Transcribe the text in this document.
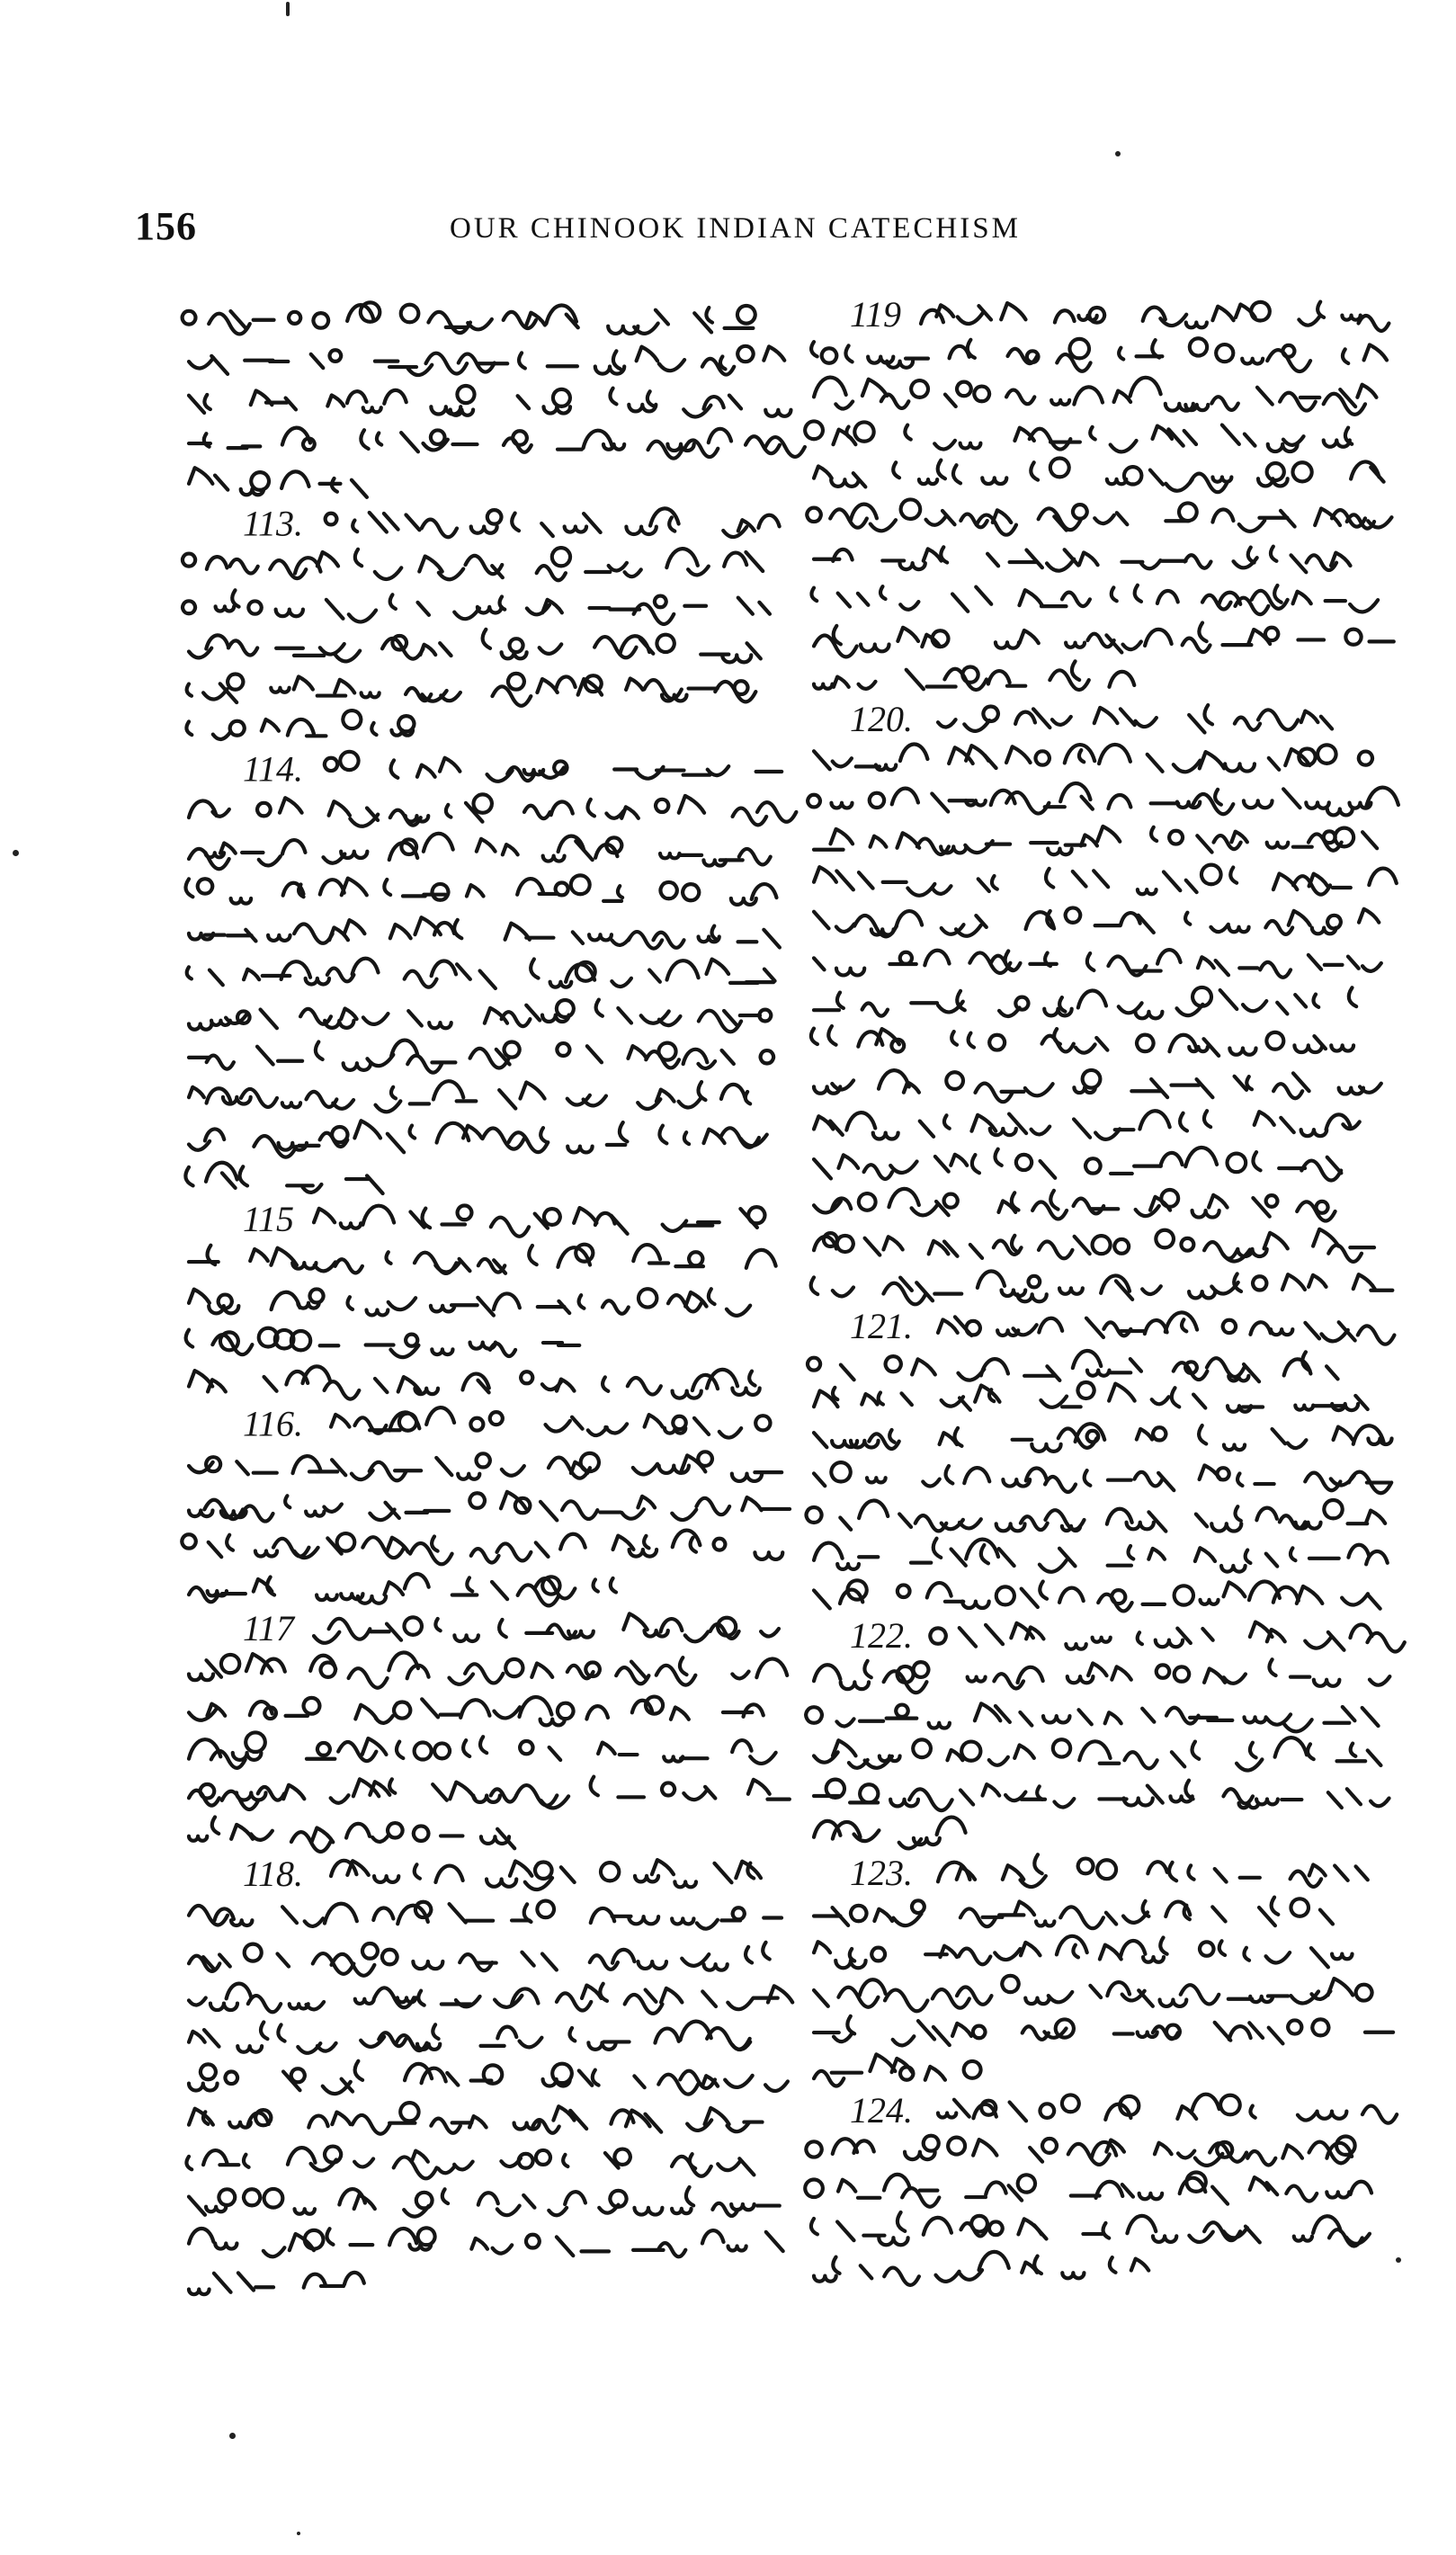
156	OUR CHINOOK INDIAN CATECHISM
113.
114.
115
116.
117
118.
119
120.
121.
122.
123.
124.
